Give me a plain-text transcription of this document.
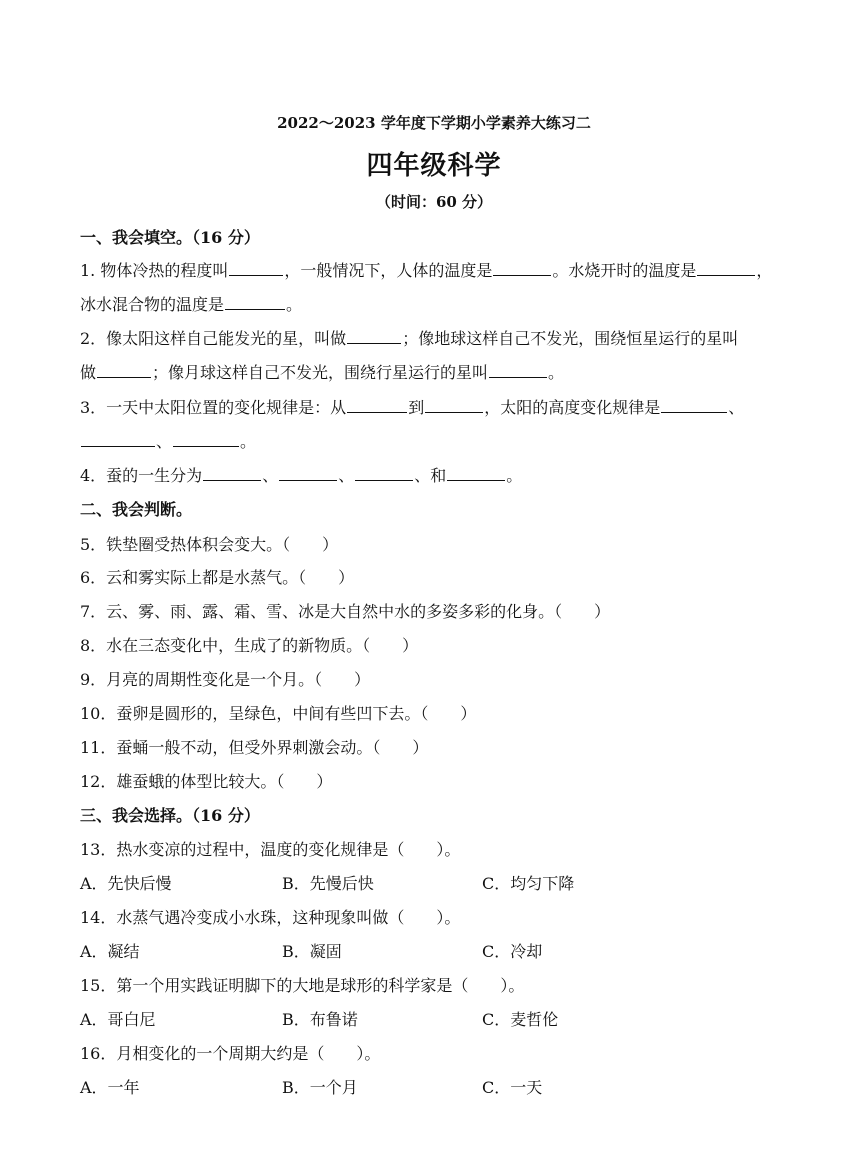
2022～2023 学年度下学期小学素养大练习二
四年级科学
（时间：60 分）
一、我会填空。（16 分）
1. 物体冷热的程度叫	，一般情况下，人体的温度是	。水烧开时的温度是	，
冰水混合物的温度是	。
2．像太阳这样自己能发光的星，叫做	；像地球这样自己不发光，围绕恒星运行的星叫
做	；像月球这样自己不发光，围绕行星运行的星叫	。
3．一天中太阳位置的变化规律是：从	到	，太阳的高度变化规律是	、
、	。
4．蚕的一生分为	、	、	、和	。
二、我会判断。
5．铁垫圈受热体积会变大。（　　）
6．云和雾实际上都是水蒸气。（　　）
7．云、雾、雨、露、霜、雪、冰是大自然中水的多姿多彩的化身。（　　）
8．水在三态变化中，生成了的新物质。（　　）
9．月亮的周期性变化是一个月。（　　）
10．蚕卵是圆形的，呈绿色，中间有些凹下去。（　　）
11．蚕蛹一般不动，但受外界刺激会动。（　　）
12．雄蚕蛾的体型比较大。（　　）
三、我会选择。（16 分）
13．热水变凉的过程中，温度的变化规律是（　　）。
A．先快后慢	B．先慢后快	C．均匀下降
14．水蒸气遇冷变成小水珠，这种现象叫做（　　）。
A．凝结	B．凝固	C．冷却
15．第一个用实践证明脚下的大地是球形的科学家是（　　）。
A．哥白尼	B．布鲁诺	C．麦哲伦
16．月相变化的一个周期大约是（　　）。
A．一年	B．一个月	C．一天
